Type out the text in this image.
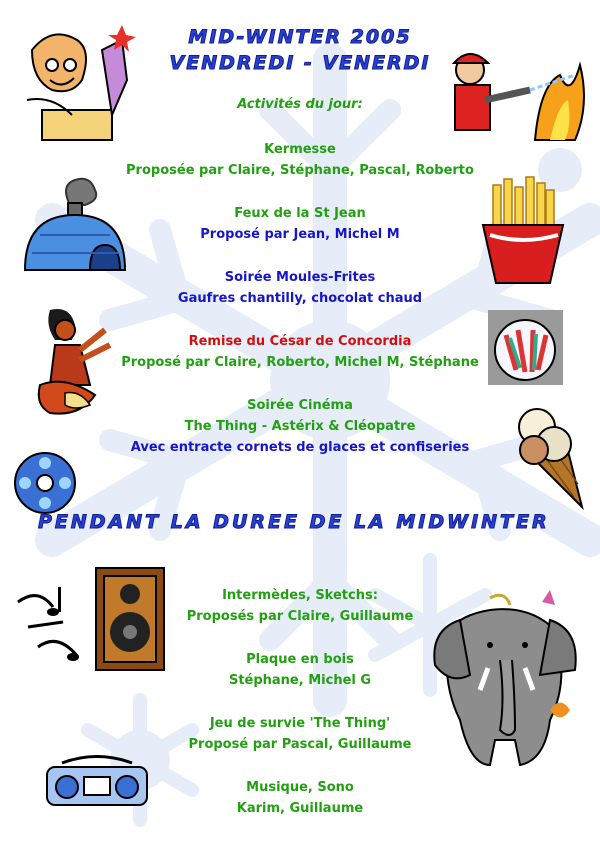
MID-WINTER 2005
VENDREDI - VENERDI
Activités du jour:
Kermesse
Proposée par Claire, Stéphane, Pascal, Roberto
Feux de la St Jean
Proposé par Jean, Michel M
Soirée Moules-Frites
Gaufres chantilly, chocolat chaud
Remise du César de Concordia
Proposé par Claire, Roberto, Michel M, Stéphane
Soirée Cinéma
The Thing - Astérix & Cléopatre
Avec entracte cornets de glaces et confiseries
PENDANT LA DUREE DE LA MIDWINTER
Intermèdes, Sketchs:
Proposés par Claire, Guillaume
Plaque en bois
Stéphane, Michel G
Jeu de survie 'The Thing'
Proposé par Pascal, Guillaume
Musique, Sono
Karim, Guillaume
